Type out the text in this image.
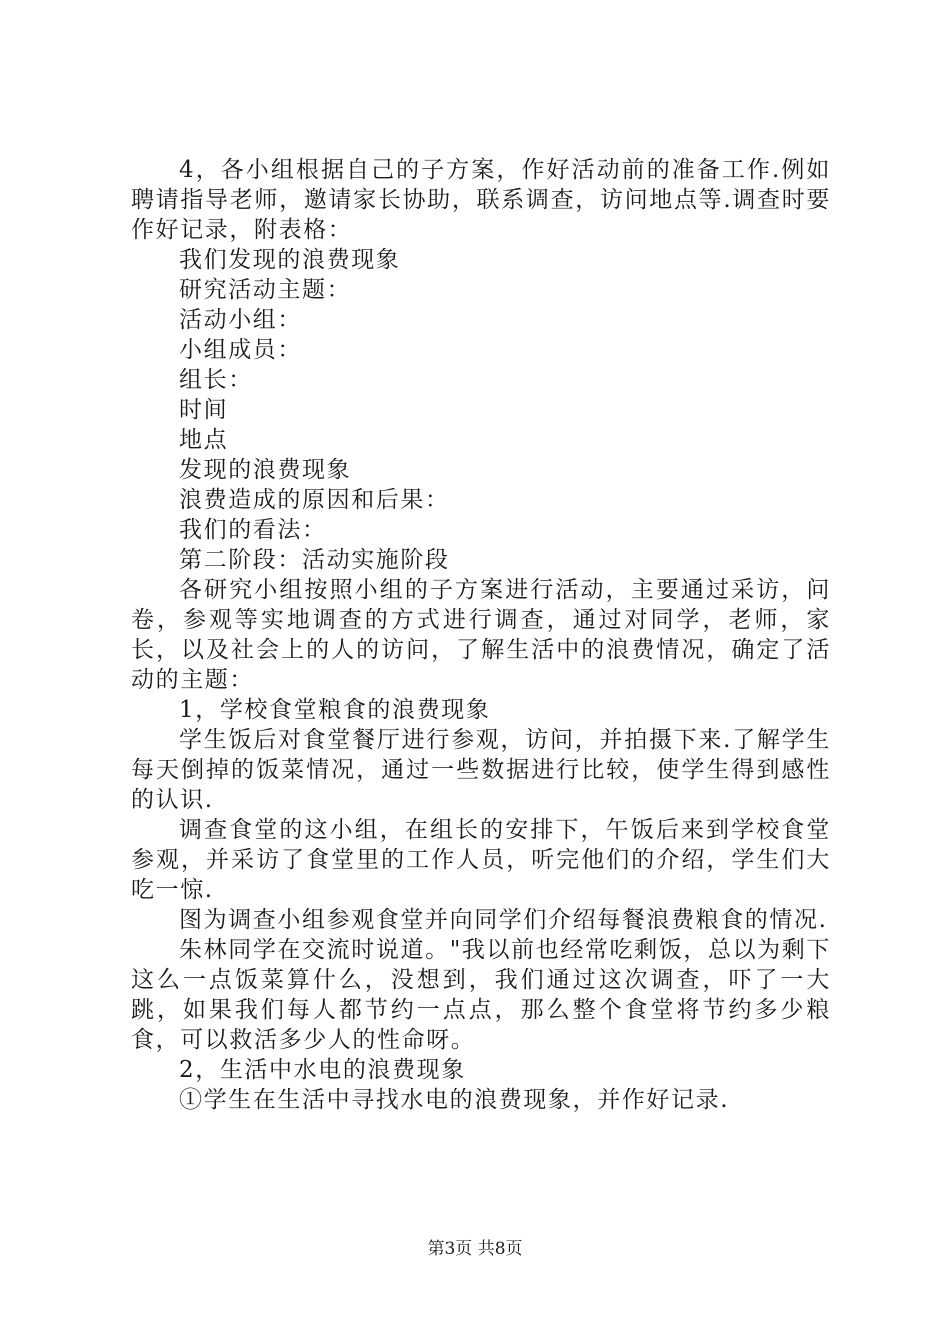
4，各小组根据自己的子方案，作好活动前的准备工作.例如聘请指导老师，邀请家长协助，联系调查，访问地点等.调查时要作好记录，附表格：

我们发现的浪费现象

研究活动主题：

活动小组：

小组成员：

组长：

时间

地点

发现的浪费现象

浪费造成的原因和后果：

我们的看法：

第二阶段：活动实施阶段

各研究小组按照小组的子方案进行活动，主要通过采访，问卷，参观等实地调查的方式进行调查，通过对同学，老师，家长，以及社会上的人的访问，了解生活中的浪费情况，确定了活动的主题：

1，学校食堂粮食的浪费现象

学生饭后对食堂餐厅进行参观，访问，并拍摄下来.了解学生每天倒掉的饭菜情况，通过一些数据进行比较，使学生得到感性的认识.

调查食堂的这小组，在组长的安排下，午饭后来到学校食堂参观，并采访了食堂里的工作人员，听完他们的介绍，学生们大吃一惊.

图为调查小组参观食堂并向同学们介绍每餐浪费粮食的情况.

朱林同学在交流时说道。"我以前也经常吃剩饭，总以为剩下这么一点饭菜算什么，没想到，我们通过这次调查，吓了一大跳，如果我们每人都节约一点点，那么整个食堂将节约多少粮食，可以救活多少人的性命呀。

2，生活中水电的浪费现象

①学生在生活中寻找水电的浪费现象，并作好记录.

第3页 共8页
